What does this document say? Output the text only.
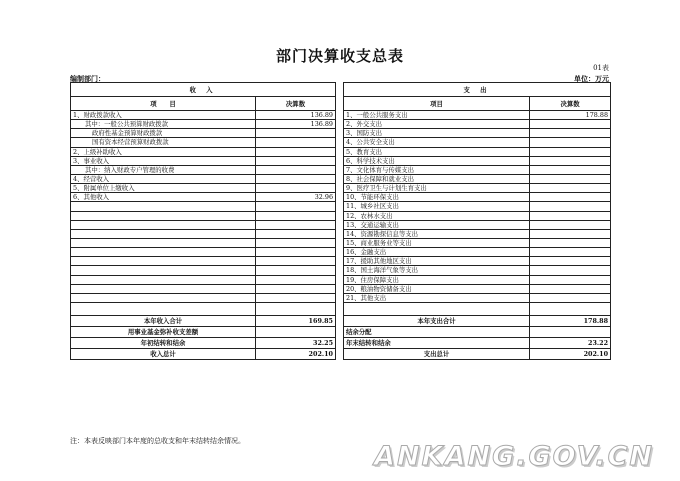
部门决算收支总表
01表
编制部门：	单位：万元
收 入			支 出	
项　　目	决算数		项目	决算数
1、财政拨款收入	136.89		1、一般公共服务支出	178.88
其中：一般公共预算财政拨款	136.89		2、外交支出	
政府性基金预算财政拨款			3、国防支出	
国有资本经营预算财政拨款			4、公共安全支出	
2、上级补助收入			5、教育支出	
3、事业收入			6、科学技术支出	
其中：纳入财政专户管理的收费			7、文化体育与传媒支出	
4、经营收入			8、社会保障和就业支出	
5、附属单位上缴收入			9、医疗卫生与计划生育支出	
6、其他收入	32.96		10、节能环保支出	
			11、城乡社区支出	
			12、农林水支出	
			13、交通运输支出	
			14、资源勘探信息等支出	
			15、商业服务业等支出	
			16、金融支出	
			17、援助其他地区支出	
			18、国土海洋气象等支出	
			19、住房保障支出	
			20、粮油物资储备支出	
			21、其他支出	

本年收入合计	169.85		本年支出合计	178.88
用事业基金弥补收支差额			结余分配	
年初结转和结余	32.25		年末结转和结余	23.22
收入总计	202.10		支出总计	202.10
注：本表反映部门本年度的总收支和年末结转结余情况。	ANKANG.GOV.CN
